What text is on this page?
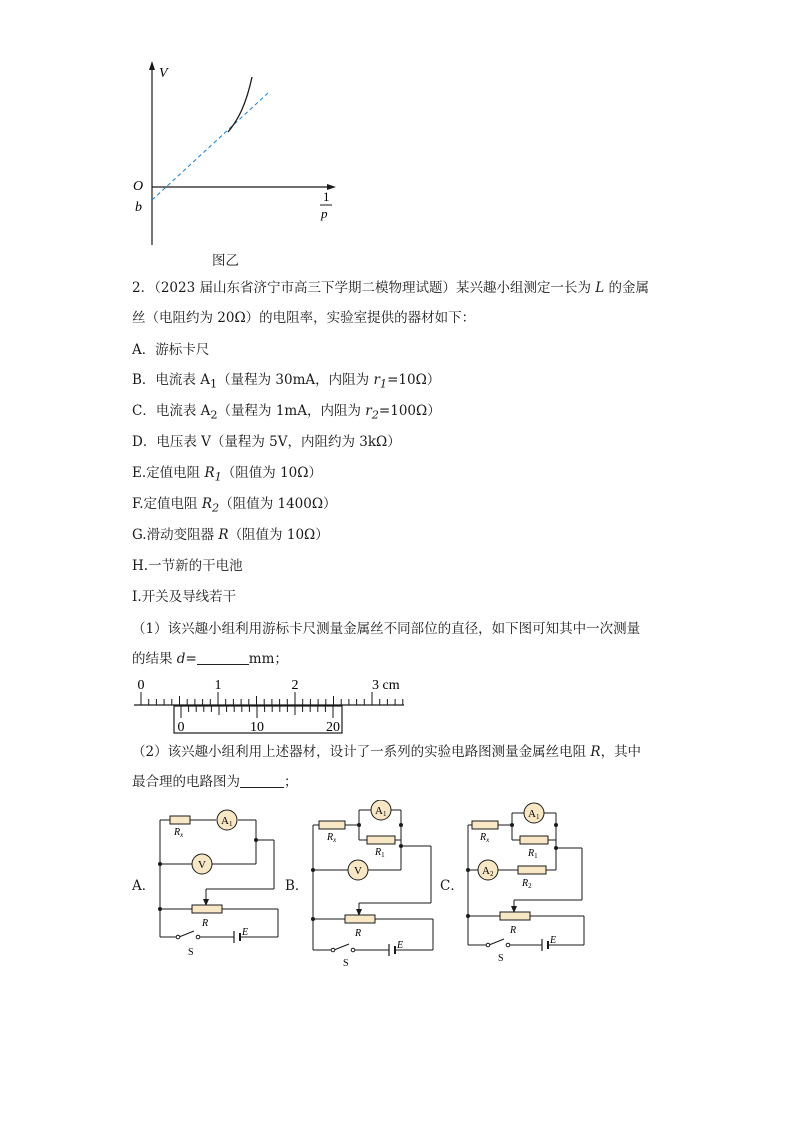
V
O
b
1
p
图乙
2．（2023 届山东省济宁市高三下学期二模物理试题）某兴趣小组测定一长为 L 的金属
丝（电阻约为 20Ω）的电阻率，实验室提供的器材如下：
A．游标卡尺
B．电流表 $A_1$（量程为 30mA，内阻为 $r_1=10\Omega$）
C．电流表 $A_2$（量程为 1mA，内阻为 $r_2=100\Omega$）
D．电压表 V（量程为 5V，内阻约为 3kΩ）
E.定值电阻 $R_1$（阻值为 10Ω）
F.定值电阻 $R_2$（阻值为 1400Ω）
G.滑动变阻器 R（阻值为 10Ω）
H.一节新的干电池
I.开关及导线若干
（1）该兴趣小组利用游标卡尺测量金属丝不同部位的直径，如下图可知其中一次测量
的结果 d=	mm；
0	1	2	3 cm
0	10	20
（2）该兴趣小组利用上述器材，设计了一系列的实验电路图测量金属丝电阻 R，其中
最合理的电路图为	；
A．
A1
V
$R_x$
R
S
E
B．
A1
V
$R_x$
$R_1$
R
S
E
C．
A1
A2
$R_x$
$R_1$
$R_2$
R
S
E
